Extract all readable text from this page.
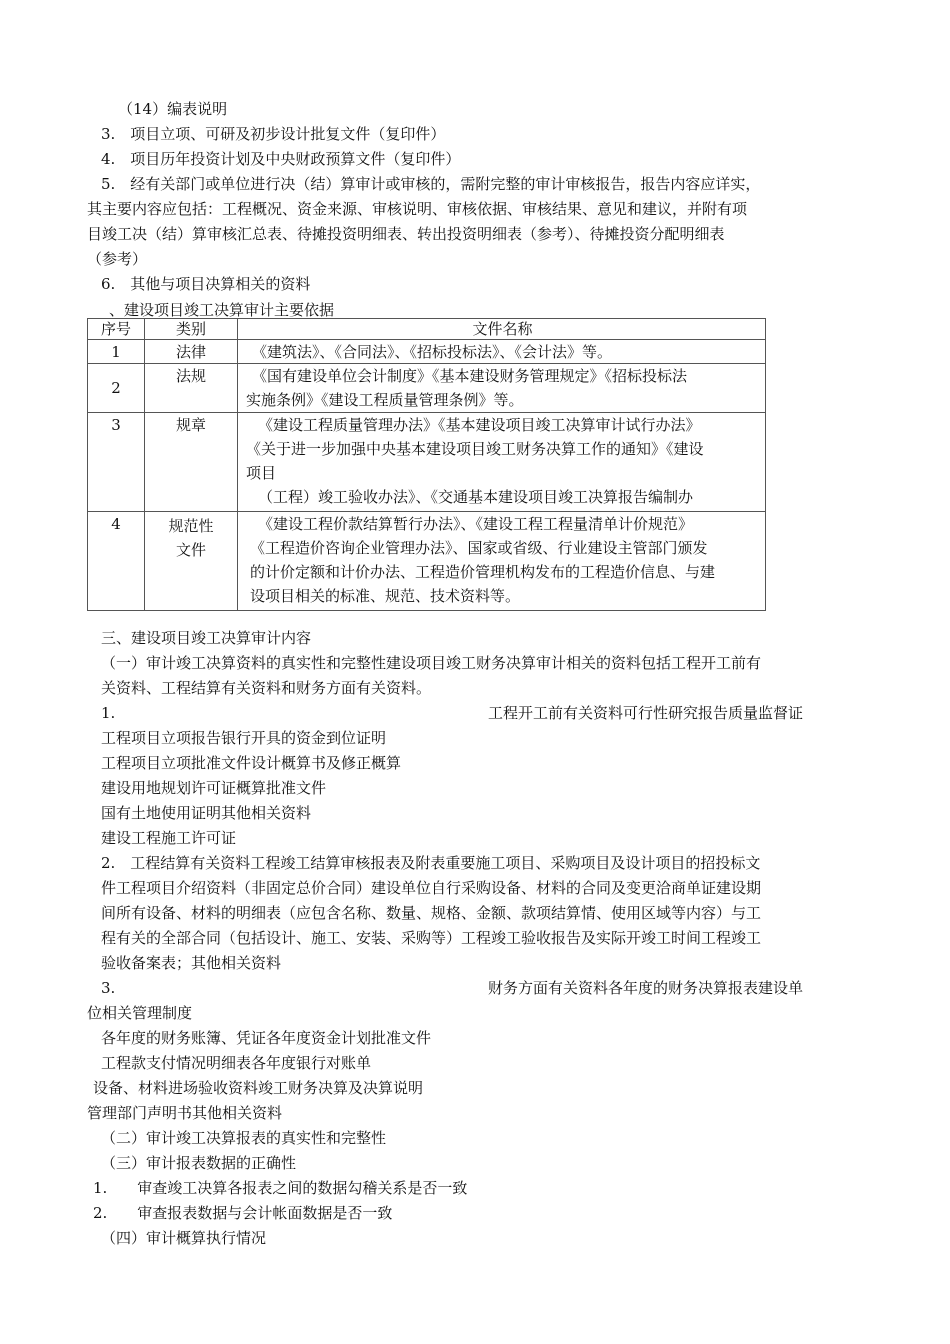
（14）编表说明
3.　项目立项、可研及初步设计批复文件（复印件）
4.　项目历年投资计划及中央财政预算文件（复印件）
5.　经有关部门或单位进行决（结）算审计或审核的，需附完整的审计审核报告，报告内容应详实，
其主要内容应包括：工程概况、资金来源、审核说明、审核依据、审核结果、意见和建议，并附有项
目竣工决（结）算审核汇总表、待摊投资明细表、转出投资明细表（参考）、待摊投资分配明细表
（参考）
6.　其他与项目决算相关的资料
、建设项目竣工决算审计主要依据
序号	类别	文件名称
1	法律	《建筑法》、《合同法》、《招标投标法》、《会计法》等。

2	法规	《国有建设单位会计制度》《基本建设财务管理规定》《招标投标法

实施条例》《建设工程质量管理条例》等。

3	规章	《建设工程质量管理办法》《基本建设项目竣工决算审计试行办法》

《关于进一步加强中央基本建设项目竣工财务决算工作的通知》《建设

项目

（工程）竣工验收办法》、《交通基本建设项目竣工决算报告编制办

4	规范性文件	《建设工程价款结算暂行办法》、《建设工程工程量清单计价规范》

《工程造价咨询企业管理办法》、国家或省级、行业建设主管部门颁发

的计价定额和计价办法、工程造价管理机构发布的工程造价信息、与建

设项目相关的标准、规范、技术资料等。

三、建设项目竣工决算审计内容
（一）审计竣工决算资料的真实性和完整性建设项目竣工财务决算审计相关的资料包括工程开工前有
关资料、工程结算有关资料和财务方面有关资料。
1.	工程开工前有关资料可行性研究报告质量监督证
工程项目立项报告银行开具的资金到位证明
工程项目立项批准文件设计概算书及修正概算
建设用地规划许可证概算批准文件
国有土地使用证明其他相关资料
建设工程施工许可证
2.　工程结算有关资料工程竣工结算审核报表及附表重要施工项目、采购项目及设计项目的招投标文
件工程项目介绍资料（非固定总价合同）建设单位自行采购设备、材料的合同及变更洽商单证建设期
间所有设备、材料的明细表（应包含名称、数量、规格、金额、款项结算情、使用区域等内容）与工
程有关的全部合同（包括设计、施工、安装、采购等）工程竣工验收报告及实际开竣工时间工程竣工
验收备案表；其他相关资料
3.	财务方面有关资料各年度的财务决算报表建设单
位相关管理制度
各年度的财务账簿、凭证各年度资金计划批准文件
工程款支付情况明细表各年度银行对账单
设备、材料进场验收资料竣工财务决算及决算说明
管理部门声明书其他相关资料
（二）审计竣工决算报表的真实性和完整性
（三）审计报表数据的正确性
1.　　审查竣工决算各报表之间的数据勾稽关系是否一致
2.　　审查报表数据与会计帐面数据是否一致
（四）审计概算执行情况
